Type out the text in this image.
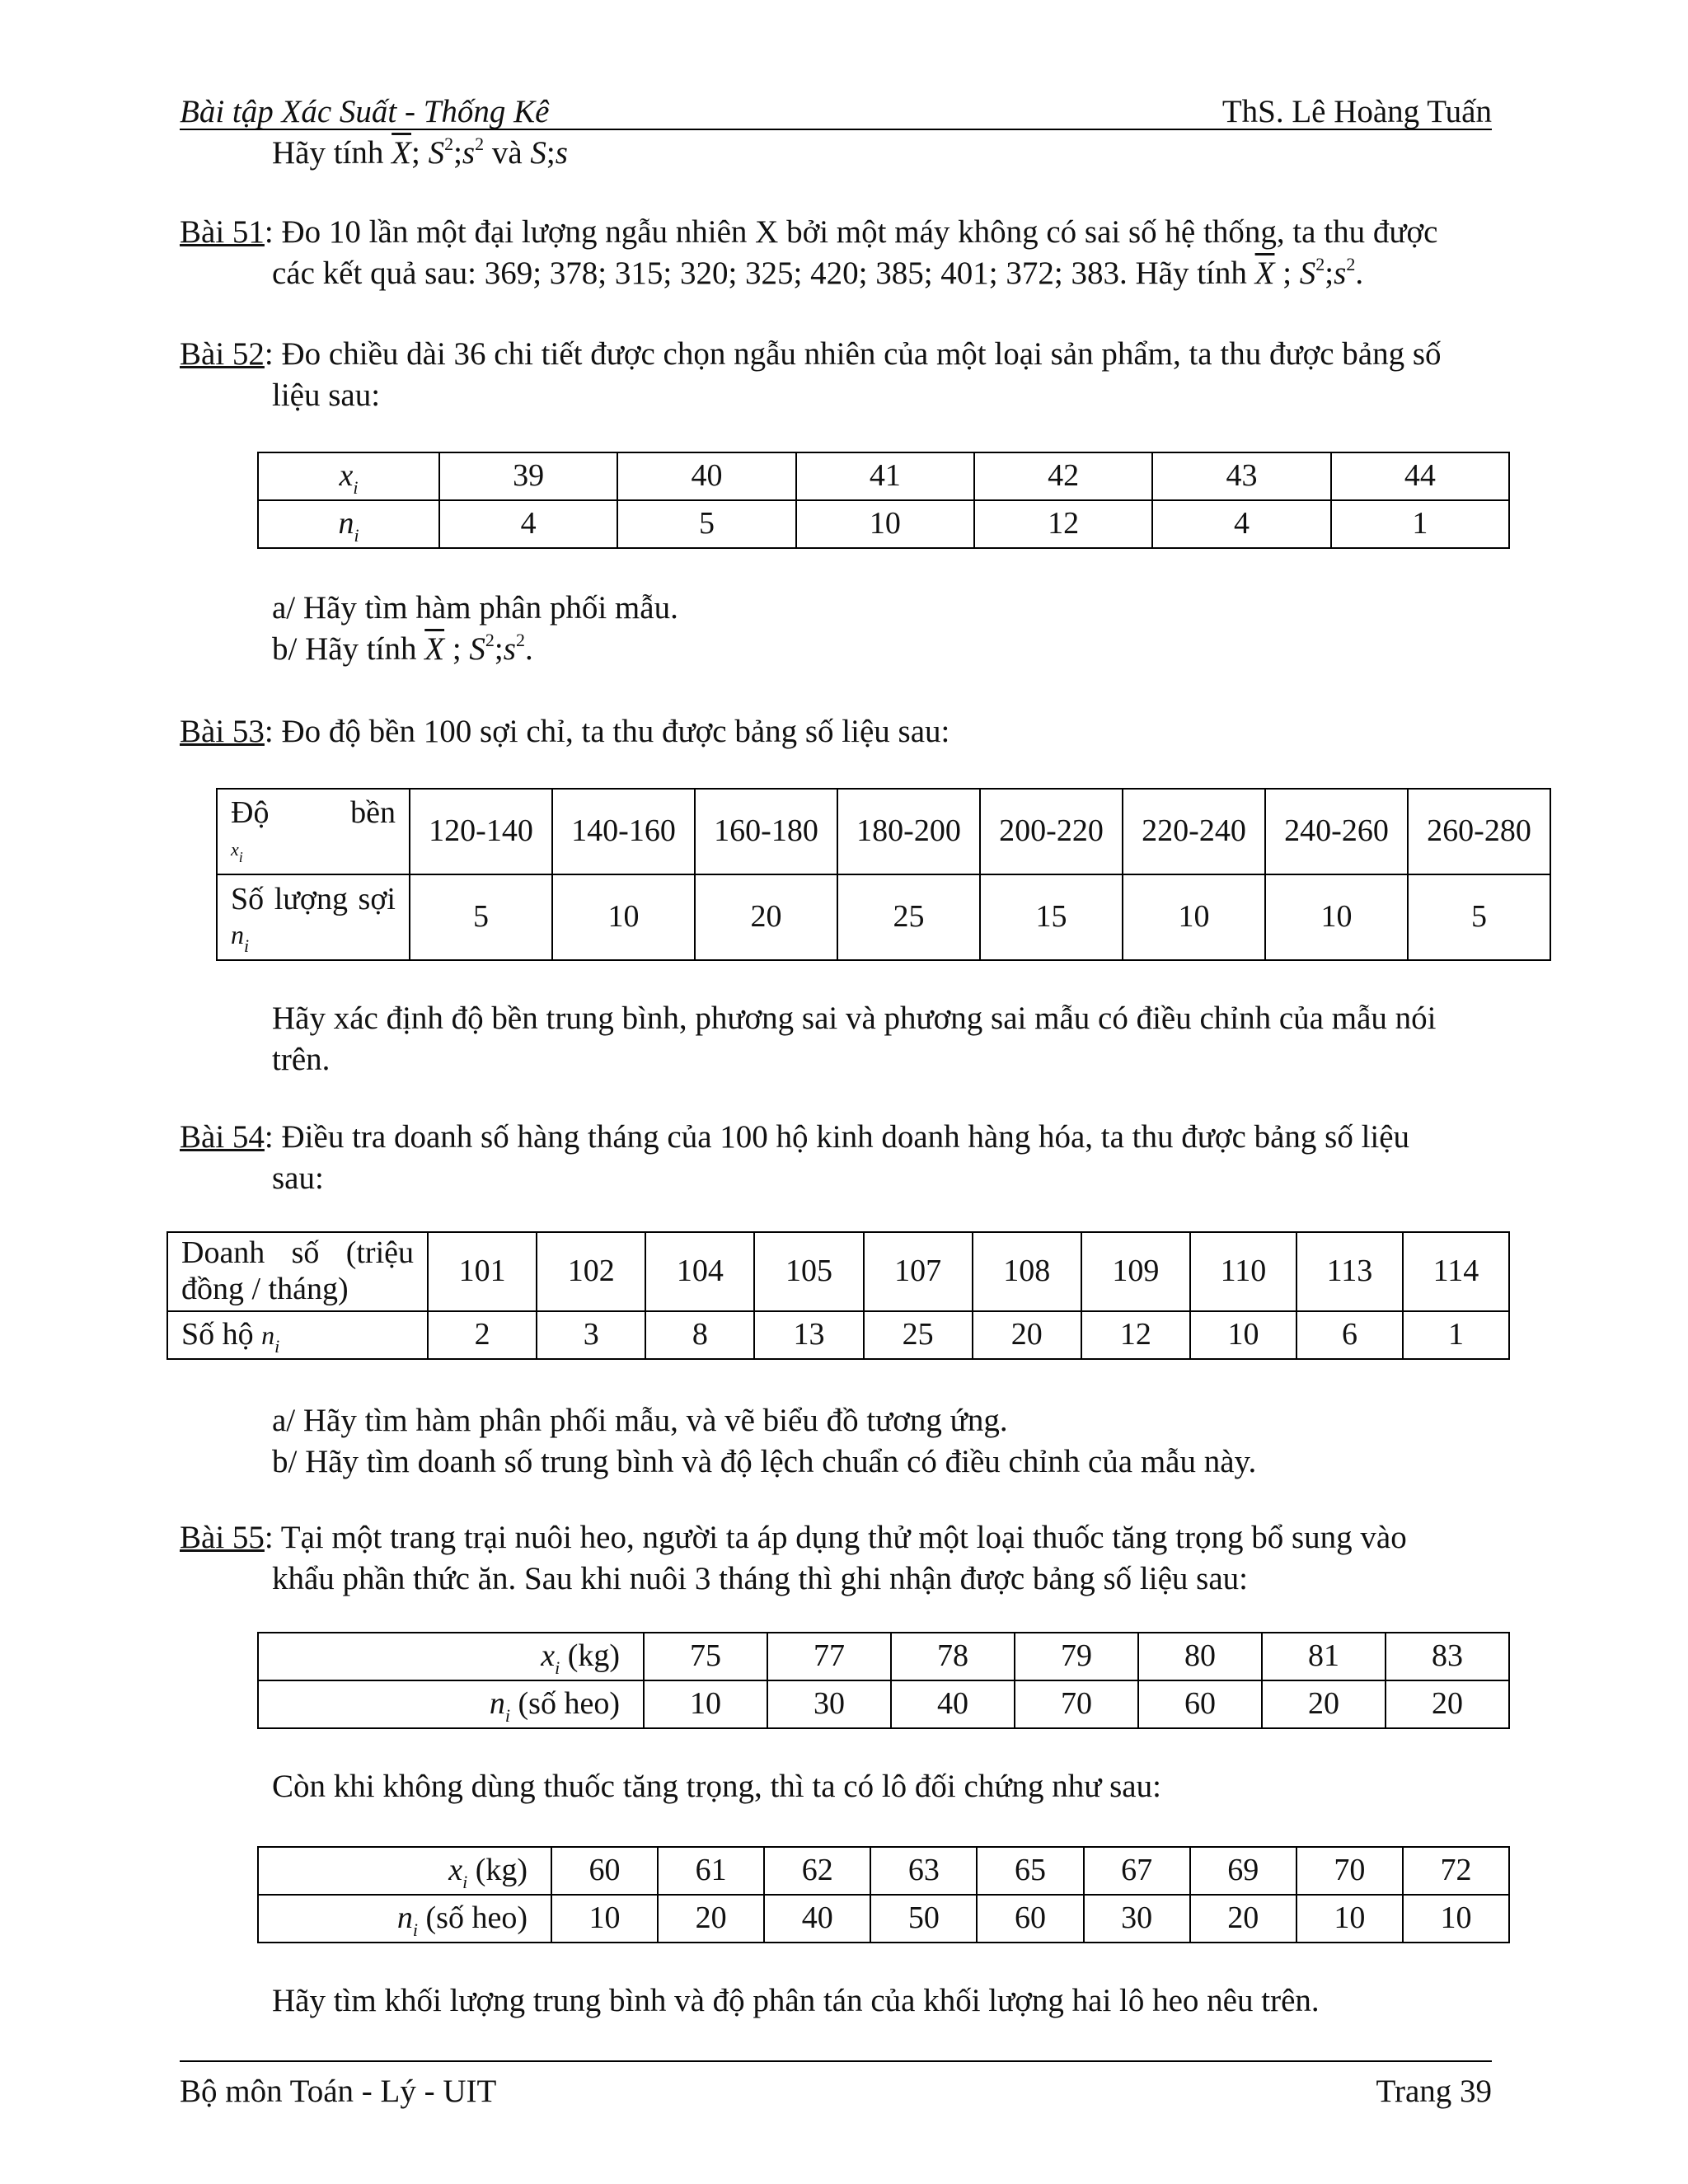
Bài tập Xác Suất - Thống Kê	ThS. Lê Hoàng Tuấn
Hãy tính $\overline{X}$; $S^2;s^2$ và S;s
Bài 51: Đo 10 lần một đại lượng ngẫu nhiên X bởi một máy không có sai số hệ thống, ta thu được
các kết quả sau: 369; 378; 315; 320; 325; 420; 385; 401; 372; 383. Hãy tính $\overline{X}$ ; $S^2;s^2$.
Bài 52: Đo chiều dài 36 chi tiết được chọn ngẫu nhiên của một loại sản phẩm, ta thu được bảng số
liệu sau:
$x_i$	39	40	41	42	43	44
$n_i$	4	5	10	12	4	1
a/ Hãy tìm hàm phân phối mẫu.
b/ Hãy tính $\overline{X}$ ; $S^2;s^2$.
Bài 53: Đo độ bền 100 sợi chỉ, ta thu được bảng số liệu sau:
Độ bền
xi	120-140	140-160	160-180	180-200	200-220	220-240	240-260	260-280

Số lượng sợi
$n_i$	5	10	20	25	15	10	10	5
Hãy xác định độ bền trung bình, phương sai và phương sai mẫu có điều chỉnh của mẫu nói
trên.
Bài 54: Điều tra doanh số hàng tháng của 100 hộ kinh doanh hàng hóa, ta thu được bảng số liệu
sau:
Doanh số (triệu đồng / tháng)	101	102	104	105	107	108	109	110	113	114
Số hộ $n_i$	2	3	8	13	25	20	12	10	6	1
a/ Hãy tìm hàm phân phối mẫu, và vẽ biểu đồ tương ứng.
b/ Hãy tìm doanh số trung bình và độ lệch chuẩn có điều chỉnh của mẫu này.
Bài 55: Tại một trang trại nuôi heo, người ta áp dụng thử một loại thuốc tăng trọng bổ sung vào
khẩu phần thức ăn. Sau khi nuôi 3 tháng thì ghi nhận được bảng số liệu sau:
$x_i$ (kg)	75	77	78	79	80	81	83
$n_i$ (số heo)	10	30	40	70	60	20	20
Còn khi không dùng thuốc tăng trọng, thì ta có lô đối chứng như sau:
$x_i$ (kg)	60	61	62	63	65	67	69	70	72
$n_i$ (số heo)	10	20	40	50	60	30	20	10	10
Hãy tìm khối lượng trung bình và độ phân tán của khối lượng hai lô heo nêu trên.
Bộ môn Toán - Lý - UIT	Trang 39
